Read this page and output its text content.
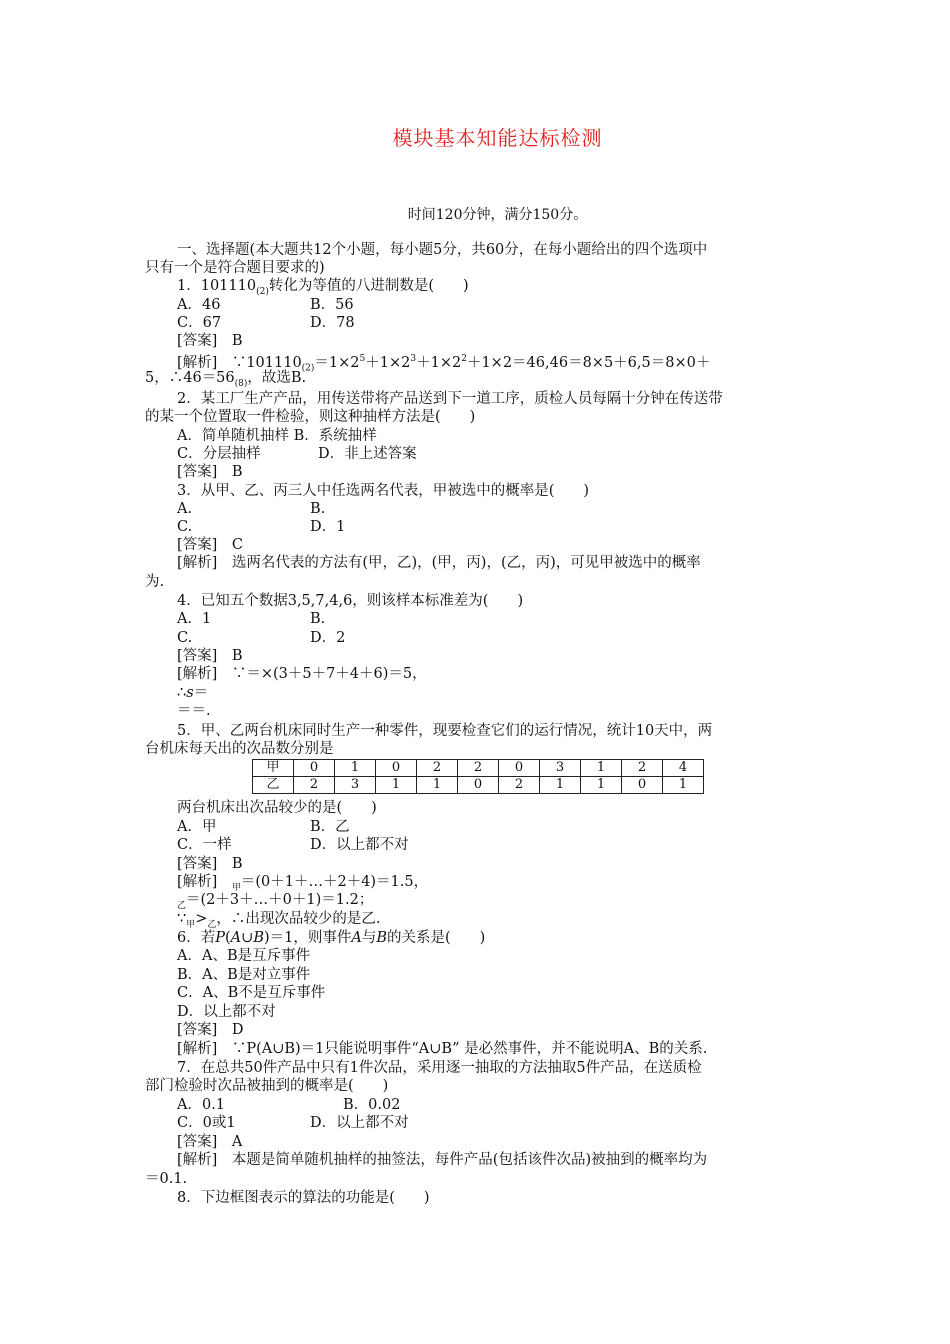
模块基本知能达标检测
时间120分钟，满分150分。
一、选择题(本大题共12个小题，每小题5分，共60分，在每小题给出的四个选项中
只有一个是符合题目要求的)
1．$101110_{(2)}$转化为等值的八进制数是(　　)
A．46	B．56
C．67	D．78
[答案]　B
[解析]　$\because 101110_{(2)}=1\times 2^5+1\times 2^3+1\times 2^2+1\times 2=46,46=8\times 5+6,5=8\times 0+$
5，$\therefore 46=56_{(8)}$，故选B.
2．某工厂生产产品，用传送带将产品送到下一道工序，质检人员每隔十分钟在传送带
的某一个位置取一件检验，则这种抽样方法是(　　)
A．简单随机抽样 B．系统抽样
C．分层抽样	D．非上述答案
[答案]　B
3．从甲、乙、丙三人中任选两名代表，甲被选中的概率是(　　)
A.	B.
C.	D．1
[答案]　C
[解析]　选两名代表的方法有(甲，乙)，(甲，丙)，(乙，丙)，可见甲被选中的概率
为.
4．已知五个数据3,5,7,4,6，则该样本标准差为(　　)
A．1	B.
C.	D．2
[答案]　B
[解析]　∵＝×(3＋5＋7＋4＋6)＝5，
∴s＝
＝＝.
5．甲、乙两台机床同时生产一种零件，现要检查它们的运行情况，统计10天中，两
台机床每天出的次品数分别是
甲	0	1	0	2	2	0	3	1	2	4
乙	2	3	1	1	0	2	1	1	0	1
两台机床出次品较少的是(　　)
A．甲	B．乙
C．一样	D．以上都不对
[答案]　B
[解析]　$_甲$＝(0＋1＋…＋2＋4)＝1.5，
$_乙$＝(2＋3＋…＋0＋1)＝1.2；
$\because_甲>_乙$，∴出现次品较少的是乙.
6．若P(A∪B)＝1，则事件A与B的关系是(　　)
A．A、B是互斥事件
B．A、B是对立事件
C．A、B不是互斥事件
D．以上都不对
[答案]　D
[解析]　∵P(A∪B)＝1只能说明事件“A∪B” 是必然事件，并不能说明A、B的关系.
7．在总共50件产品中只有1件次品，采用逐一抽取的方法抽取5件产品，在送质检
部门检验时次品被抽到的概率是(　　)
A．0.1	B．0.02
C．0或1	D．以上都不对
[答案]　A
[解析]　本题是简单随机抽样的抽签法，每件产品(包括该件次品)被抽到的概率均为
＝0.1.
8．下边框图表示的算法的功能是(　　)
